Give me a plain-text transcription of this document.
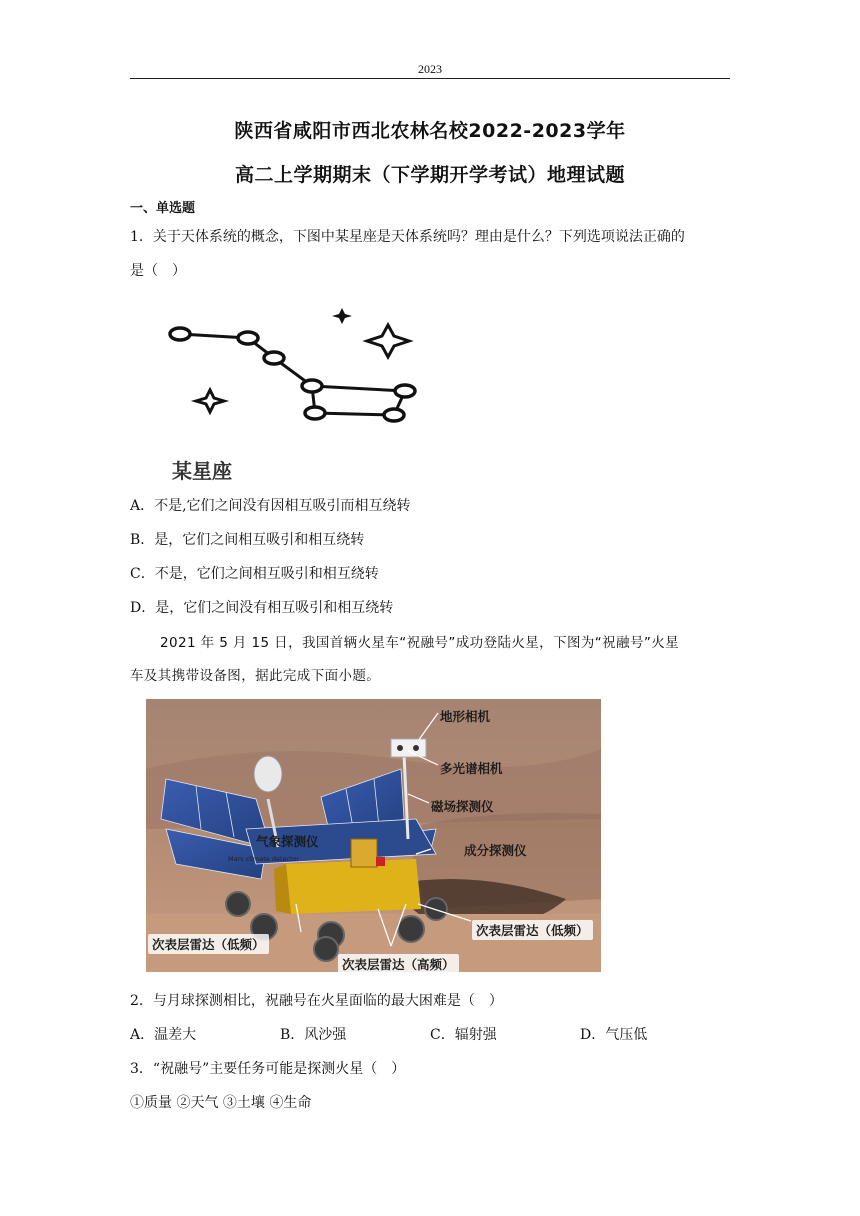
2023
陕西省咸阳市西北农林名校2022-2023学年
高二上学期期末（下学期开学考试）地理试题
一、单选题
1．关于天体系统的概念，下图中某星座是天体系统吗？理由是什么？下列选项说法正确的
是（　）
某星座
A．不是,它们之间没有因相互吸引而相互绕转
B．是，它们之间相互吸引和相互绕转
C．不是，它们之间相互吸引和相互绕转
D．是，它们之间没有相互吸引和相互绕转
2021 年 5 月 15 日，我国首辆火星车“祝融号”成功登陆火星，下图为“祝融号”火星
车及其携带设备图，据此完成下面小题。
地形相机
多光谱相机
磁场探测仪
气象探测仪
Mars climate detector
成分探测仪
次表层雷达（低频）
次表层雷达（低频）
次表层雷达（高频）
2．与月球探测相比，祝融号在火星面临的最大困难是（　）
A．温差大	B．风沙强	C．辐射强	D．气压低
3．“祝融号”主要任务可能是探测火星（　）
①质量 ②天气 ③土壤 ④生命
